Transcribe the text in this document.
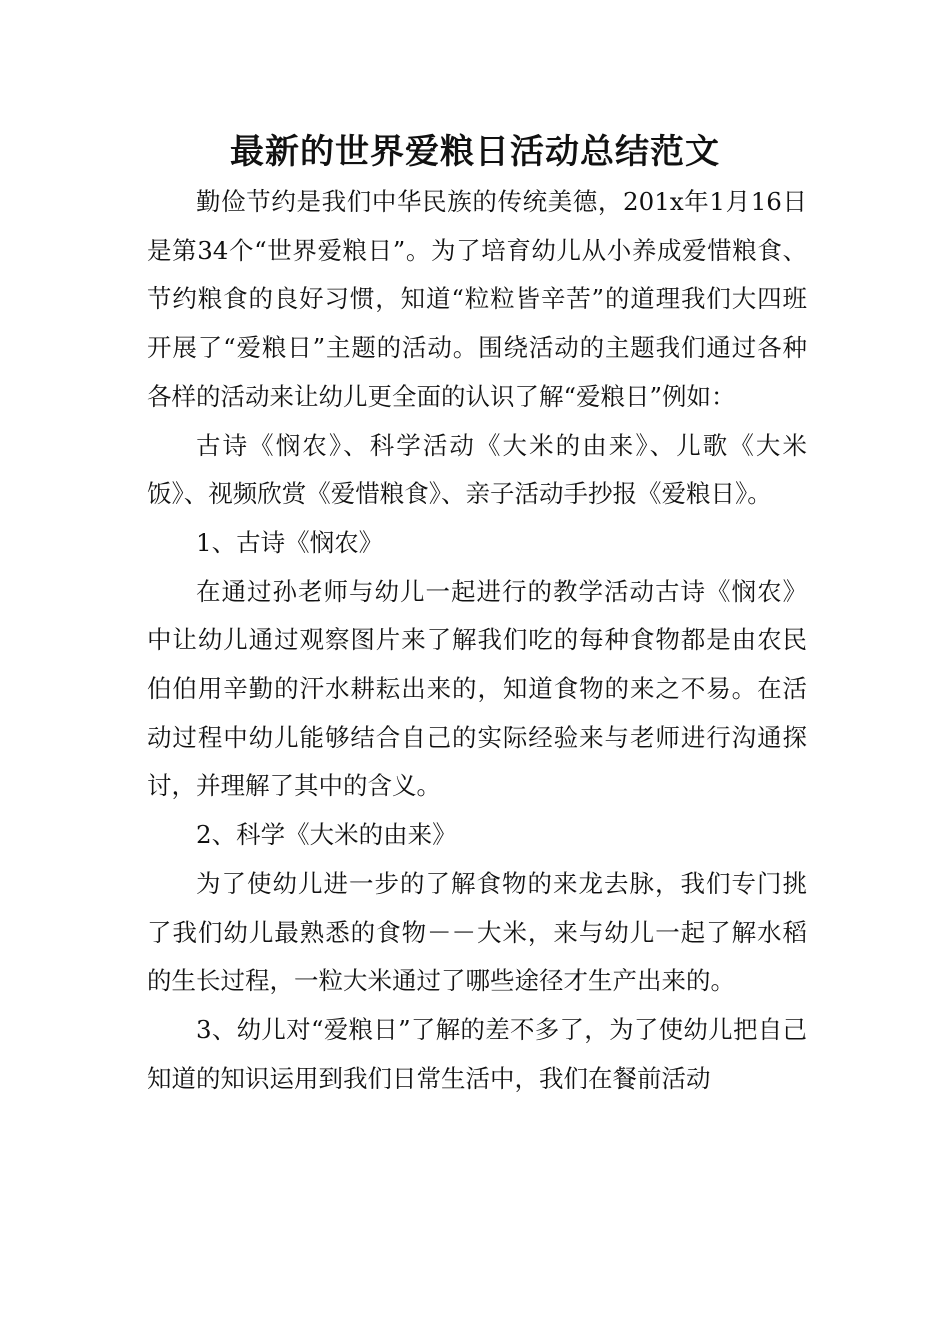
最新的世界爱粮日活动总结范文

勤俭节约是我们中华民族的传统美德，201x年1月16日是第34个“世界爱粮日”。为了培育幼儿从小养成爱惜粮食、节约粮食的良好习惯，知道“粒粒皆辛苦”的道理我们大四班开展了“爱粮日”主题的活动。围绕活动的主题我们通过各种各样的活动来让幼儿更全面的认识了解“爱粮日”例如：

古诗《悯农》、科学活动《大米的由来》、儿歌《大米饭》、视频欣赏《爱惜粮食》、亲子活动手抄报《爱粮日》。

1、古诗《悯农》

在通过孙老师与幼儿一起进行的教学活动古诗《悯农》中让幼儿通过观察图片来了解我们吃的每种食物都是由农民伯伯用辛勤的汗水耕耘出来的，知道食物的来之不易。在活动过程中幼儿能够结合自己的实际经验来与老师进行沟通探讨，并理解了其中的含义。

2、科学《大米的由来》

为了使幼儿进一步的了解食物的来龙去脉，我们专门挑了我们幼儿最熟悉的食物－－大米，来与幼儿一起了解水稻的生长过程，一粒大米通过了哪些途径才生产出来的。

3、幼儿对“爱粮日”了解的差不多了，为了使幼儿把自己知道的知识运用到我们日常生活中，我们在餐前活动
